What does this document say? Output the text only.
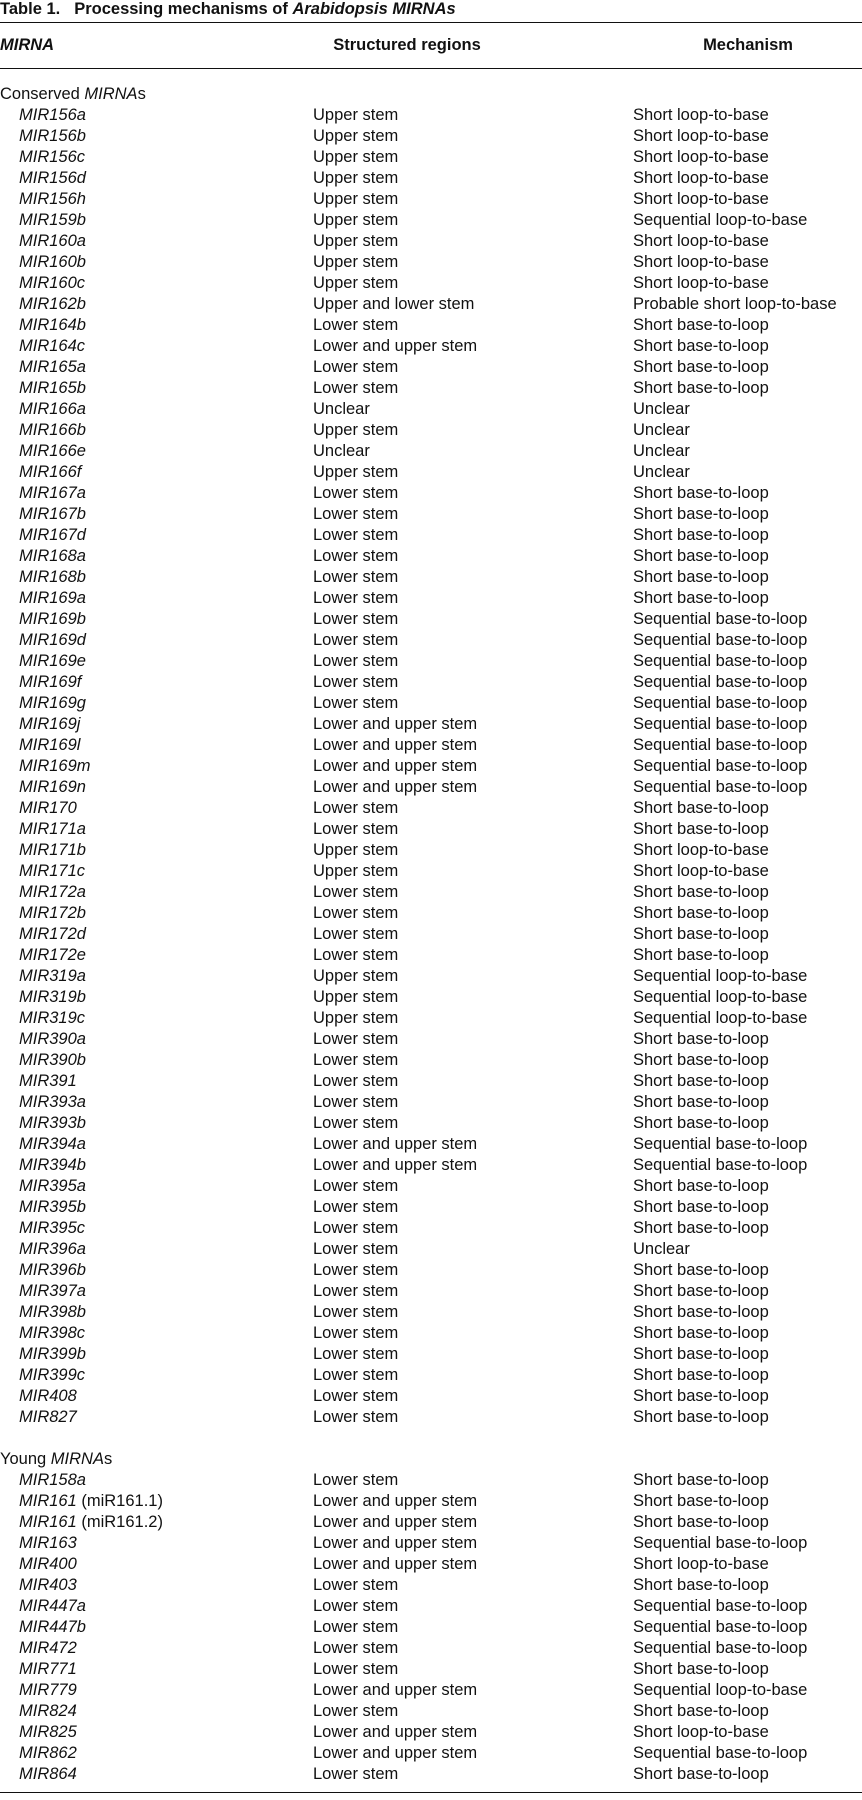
Table 1. Processing mechanisms of Arabidopsis MIRNAs
MIRNA	Structured regions	Mechanism
Conserved MIRNAs
MIR156a	Upper stem	Short loop-to-base
MIR156b	Upper stem	Short loop-to-base
MIR156c	Upper stem	Short loop-to-base
MIR156d	Upper stem	Short loop-to-base
MIR156h	Upper stem	Short loop-to-base
MIR159b	Upper stem	Sequential loop-to-base
MIR160a	Upper stem	Short loop-to-base
MIR160b	Upper stem	Short loop-to-base
MIR160c	Upper stem	Short loop-to-base
MIR162b	Upper and lower stem	Probable short loop-to-base
MIR164b	Lower stem	Short base-to-loop
MIR164c	Lower and upper stem	Short base-to-loop
MIR165a	Lower stem	Short base-to-loop
MIR165b	Lower stem	Short base-to-loop
MIR166a	Unclear	Unclear
MIR166b	Upper stem	Unclear
MIR166e	Unclear	Unclear
MIR166f	Upper stem	Unclear
MIR167a	Lower stem	Short base-to-loop
MIR167b	Lower stem	Short base-to-loop
MIR167d	Lower stem	Short base-to-loop
MIR168a	Lower stem	Short base-to-loop
MIR168b	Lower stem	Short base-to-loop
MIR169a	Lower stem	Short base-to-loop
MIR169b	Lower stem	Sequential base-to-loop
MIR169d	Lower stem	Sequential base-to-loop
MIR169e	Lower stem	Sequential base-to-loop
MIR169f	Lower stem	Sequential base-to-loop
MIR169g	Lower stem	Sequential base-to-loop
MIR169j	Lower and upper stem	Sequential base-to-loop
MIR169l	Lower and upper stem	Sequential base-to-loop
MIR169m	Lower and upper stem	Sequential base-to-loop
MIR169n	Lower and upper stem	Sequential base-to-loop
MIR170	Lower stem	Short base-to-loop
MIR171a	Lower stem	Short base-to-loop
MIR171b	Upper stem	Short loop-to-base
MIR171c	Upper stem	Short loop-to-base
MIR172a	Lower stem	Short base-to-loop
MIR172b	Lower stem	Short base-to-loop
MIR172d	Lower stem	Short base-to-loop
MIR172e	Lower stem	Short base-to-loop
MIR319a	Upper stem	Sequential loop-to-base
MIR319b	Upper stem	Sequential loop-to-base
MIR319c	Upper stem	Sequential loop-to-base
MIR390a	Lower stem	Short base-to-loop
MIR390b	Lower stem	Short base-to-loop
MIR391	Lower stem	Short base-to-loop
MIR393a	Lower stem	Short base-to-loop
MIR393b	Lower stem	Short base-to-loop
MIR394a	Lower and upper stem	Sequential base-to-loop
MIR394b	Lower and upper stem	Sequential base-to-loop
MIR395a	Lower stem	Short base-to-loop
MIR395b	Lower stem	Short base-to-loop
MIR395c	Lower stem	Short base-to-loop
MIR396a	Lower stem	Unclear
MIR396b	Lower stem	Short base-to-loop
MIR397a	Lower stem	Short base-to-loop
MIR398b	Lower stem	Short base-to-loop
MIR398c	Lower stem	Short base-to-loop
MIR399b	Lower stem	Short base-to-loop
MIR399c	Lower stem	Short base-to-loop
MIR408	Lower stem	Short base-to-loop
MIR827	Lower stem	Short base-to-loop
Young MIRNAs
MIR158a	Lower stem	Short base-to-loop
MIR161 (miR161.1)	Lower and upper stem	Short base-to-loop
MIR161 (miR161.2)	Lower and upper stem	Short base-to-loop
MIR163	Lower and upper stem	Sequential base-to-loop
MIR400	Lower and upper stem	Short loop-to-base
MIR403	Lower stem	Short base-to-loop
MIR447a	Lower stem	Sequential base-to-loop
MIR447b	Lower stem	Sequential base-to-loop
MIR472	Lower stem	Sequential base-to-loop
MIR771	Lower stem	Short base-to-loop
MIR779	Lower and upper stem	Sequential loop-to-base
MIR824	Lower stem	Short base-to-loop
MIR825	Lower and upper stem	Short loop-to-base
MIR862	Lower and upper stem	Sequential base-to-loop
MIR864	Lower stem	Short base-to-loop
